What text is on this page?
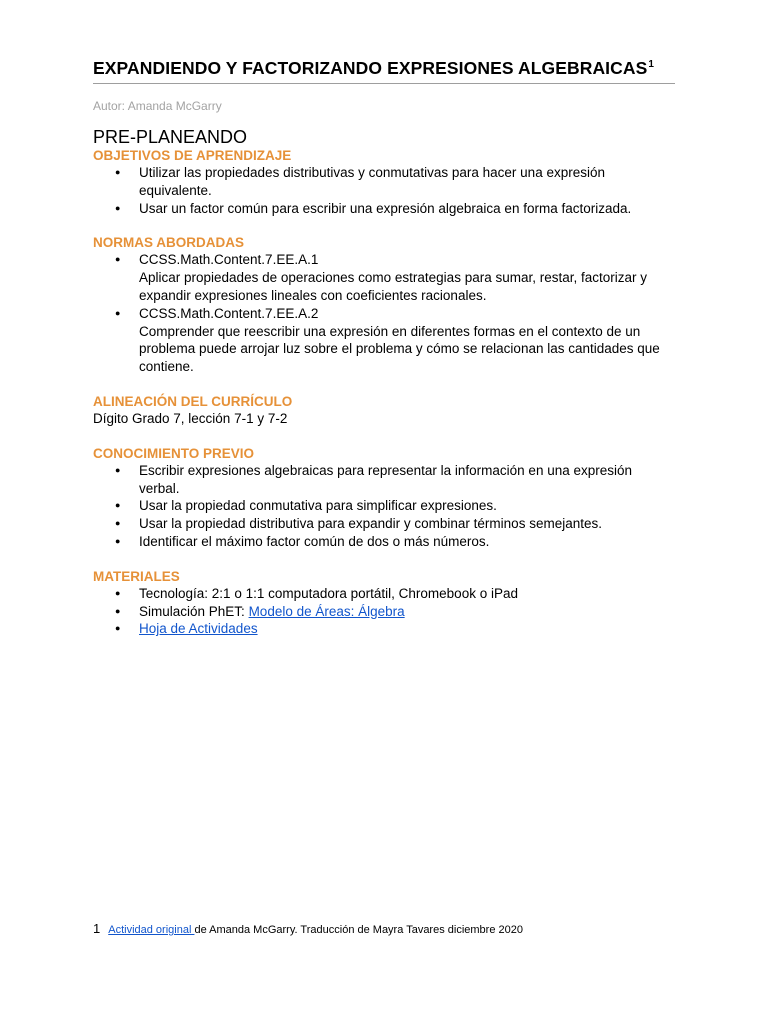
EXPANDIENDO Y FACTORIZANDO EXPRESIONES ALGEBRAICAS$^1$
Autor: Amanda McGarry
PRE-PLANEANDO
OBJETIVOS DE APRENDIZAJE
● Utilizar las propiedades distributivas y conmutativas para hacer una expresión equivalente.
● Usar un factor común para escribir una expresión algebraica en forma factorizada.
NORMAS ABORDADAS
● CCSS.Math.Content.7.EE.A.1
Aplicar propiedades de operaciones como estrategias para sumar, restar, factorizar y expandir expresiones lineales con coeficientes racionales.
● CCSS.Math.Content.7.EE.A.2
Comprender que reescribir una expresión en diferentes formas en el contexto de un problema puede arrojar luz sobre el problema y cómo se relacionan las cantidades que contiene.
ALINEACIÓN DEL CURRÍCULO

Dígito Grado 7, lección 7-1 y 7-2

CONOCIMIENTO PREVIO
● Escribir expresiones algebraicas para representar la información en una expresión verbal.
● Usar la propiedad conmutativa para simplificar expresiones.
● Usar la propiedad distributiva para expandir y combinar términos semejantes.
● Identificar el máximo factor común de dos o más números.
MATERIALES
● Tecnología: 2:1 o 1:1 computadora portátil, Chromebook o iPad
● Simulación PhET: Modelo de Áreas: Álgebra
● Hoja de Actividades
1 Actividad original de Amanda McGarry. Traducción de Mayra Tavares diciembre 2020
